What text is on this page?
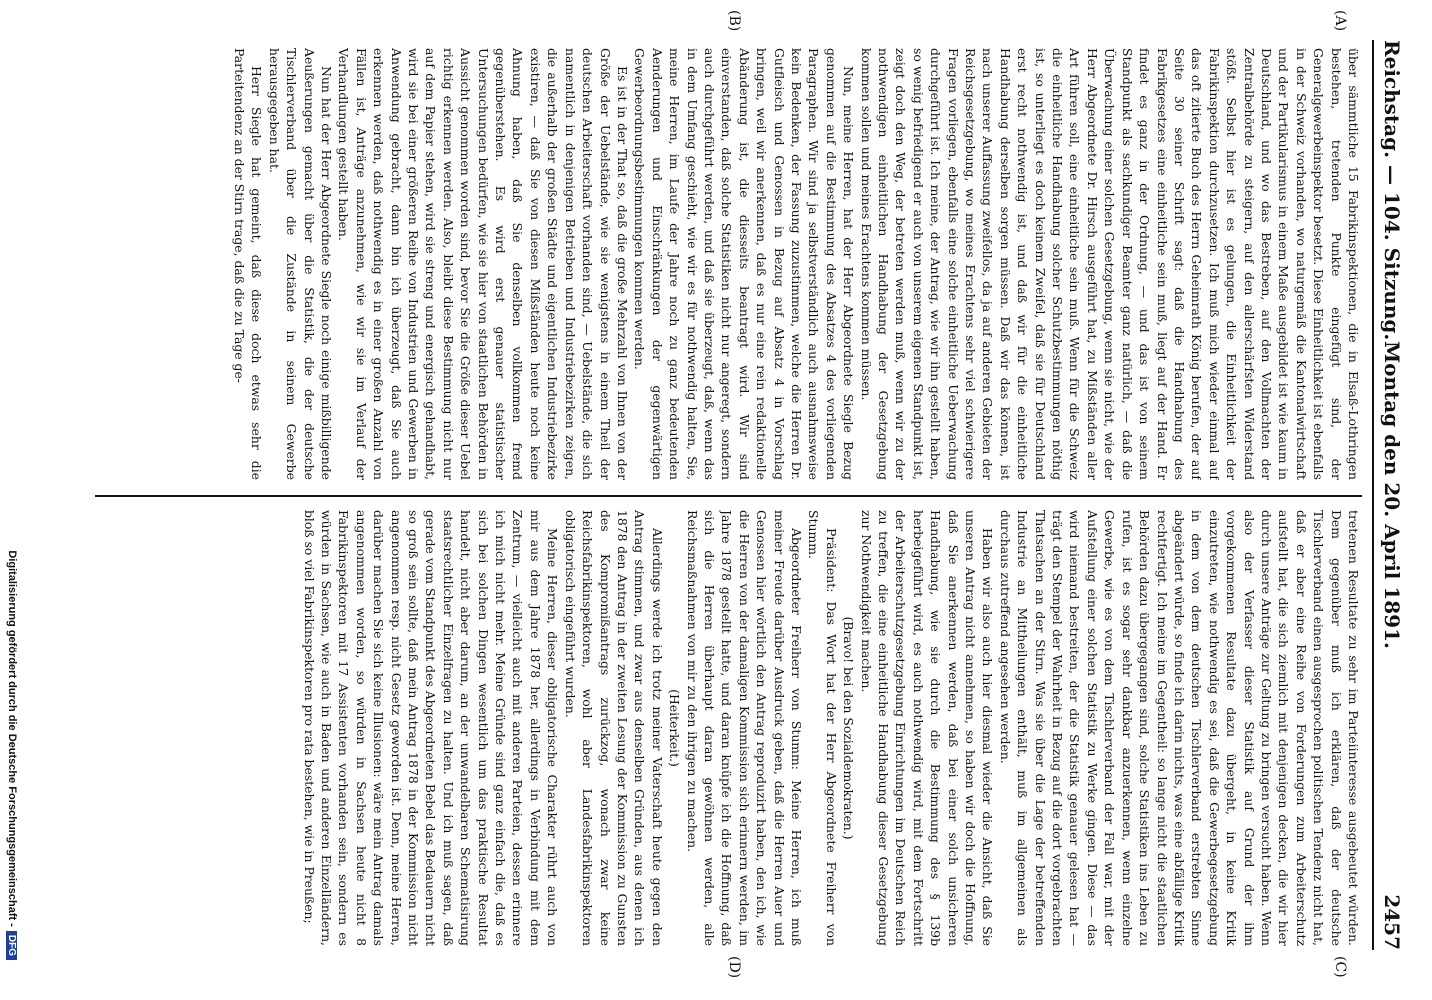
Reichstag. — 104. Sitzung.
Montag den 20. April 1891.
2457
(A)
(B)
(C)
(D)

über sämmtliche 15 Fabrikinspektionen, die in Elsaß-Lothringen bestehen, tretenden Punkte eingefügt sind, der Generalgewerbeinspektor besetzt. Diese Einheitlichkeit ist ebenfalls in der Schweiz vorhanden, wo naturgemäß die Kantonalwirtschaft und der Partikularismus in einem Maße ausgebildet ist wie kaum in Deutschland, und wo das Bestreben, auf den Vollmachten der Zentralbehörde zu steigern, auf den allerschärfsten Widerstand stößt. Selbst hier ist es gelungen, die Einheitlichkeit der Fabrikinspektion durchzusetzen. Ich muß mich wieder einmal auf das oft zitierte Buch des Herrn Geheimrath König berufen, der auf Seite 30 seiner Schrift sagt: daß die Handhabung des Fabrikgesetzes eine einheitliche sein muß, liegt auf der Hand. Er findet es ganz in der Ordnung, — und das ist von seinem Standpunkt als sachkundiger Beamter ganz natürlich, — daß die Überwachung einer solchen Gesetzgebung, wenn sie nicht, wie der Herr Abgeordnete Dr. Hirsch ausgeführt hat, zu Mißständen aller Art führen soll, eine einheitliche sein muß. Wenn für die Schweiz die einheitliche Handhabung solcher Schutzbestimmungen nöthig ist, so unterliegt es doch keinem Zweifel, daß sie für Deutschland erst recht nothwendig ist, und daß wir für die einheitliche Handhabung derselben sorgen müssen. Daß wir das können, ist nach unserer Auffassung zweifellos, da ja auf anderen Gebieten der Reichsgesetzgebung, wo meines Erachtens sehr viel schwierigere Fragen vorliegen, ebenfalls eine solche einheitliche Ueberwachung durchgeführt ist. Ich meine, der Antrag, wie wir ihn gestellt haben, so wenig befriedigend er auch von unserem eigenen Standpunkt ist, zeigt doch den Weg, der betreten werden muß, wenn wir zu der nothwendigen einheitlichen Handhabung der Gesetzgebung kommen sollen und meines Erachtens kommen müssen.

Nun, meine Herren, hat der Herr Abgeordnete Siegle Bezug genommen auf die Bestimmung des Absatzes 4 des vorliegenden Paragraphen. Wir sind ja selbstverständlich auch ausnahmsweise kein Bedenken, der Fassung zuzustimmen, welche die Herren Dr. Gutfleisch und Genossen in Bezug auf Absatz 4 in Vorschlag bringen, weil wir anerkennen, daß es nur eine rein redaktionelle Abänderung ist, die diesseits beantragt wird. Wir sind einverstanden, daß solche Statistiken nicht nur angeregt, sondern auch durchgeführt werden, und daß sie überzeugt, daß, wenn das in dem Umfang geschieht, wie wir es für nothwendig halten, Sie, meine Herren, im Laufe der Jahre noch zu ganz bedeutenden Aenderungen und Einschränkungen der gegenwärtigen Gewerbeordnungsbestimmungen kommen werden.

Es ist in der That so, daß die große Mehrzahl von Ihnen von der Größe der Uebelstände, wie sie wenigstens in einem Theil der deutschen Arbeiterschaft vorhanden sind, — Uebelstände, die sich namentlich in denjenigen Betrieben und Industriebezirken zeigen, die außerhalb der großen Städte und eigentlichen Industriebezirke existiren, — daß Sie von diesen Mißständen heute noch keine Ahnung haben, daß Sie denselben vollkommen fremd gegenüberstehen. Es wird erst genauer statistischer Untersuchungen bedürfen, wie sie hier von staatlichen Behörden in Aussicht genommen worden sind, bevor Sie die Größe dieser Uebel richtig erkennen werden. Also, bleibt diese Bestimmung nicht nur auf dem Papier stehen, wird sie streng und energisch gehandhabt, wird sie bei einer größeren Reihe von Industrien und Gewerben in Anwendung gebracht, dann bin ich überzeugt, daß Sie auch erkennen werden, daß nothwendig es in einer großen Anzahl von Fällen ist, Anträge anzunehmen, wie wir sie im Verlauf der Verhandlungen gestellt haben.

Nun hat der Herr Abgeordnete Siegle noch einige mißbilligende Aeußerungen gemacht über die Statistik, die der deutsche Tischlerverband über die Zustände in seinem Gewerbe herausgegeben hat.

Herr Siegle hat gemeint, daß diese doch etwas sehr die Parteitendenz an der Stirn trage, daß die zu Tage ge-

tretenen Resultate zu sehr im Parteiinteresse ausgebeutet würden. Dem gegenüber muß ich erklären, daß der deutsche Tischlerverband einen ausgesprochen politischen Tendenz nicht hat, daß er aber eine Reihe von Forderungen zum Arbeiterschutz aufstellt hat, die sich ziemlich mit denjenigen decken, die wir hier durch unsere Anträge zur Geltung zu bringen versucht haben. Wenn also der Verfasser dieser Statistik auf Grund der ihm vorgekommenen Resultate dazu übergeht, in keine Kritik einzutreten, wie nothwendig es sei, daß die Gewerbegesetzgebung in dem von dem deutschen Tischlerverband erstrebten Sinne abgeändert würde, so finde ich darin nichts, was eine abfällige Kritik rechtfertigt. Ich meine im Gegentheil: so lange nicht die staatlichen Behörden dazu übergegangen sind, solche Statistiken ins Leben zu rufen, ist es sogar sehr dankbar anzuerkennen, wenn einzelne Gewerbe, wie es von dem Tischlerverband der Fall war, mit der Aufstellung einer solchen Statistik zu Werke gingen. Diese — das wird niemand bestreiten, der die Statistik genauer gelesen hat — trägt den Stempel der Wahrheit in Bezug auf die dort vorgebrachten Thatsachen an der Stirn. Was sie über die Lage der betreffenden Industrie an Mittheilungen enthält, muß im allgemeinen als durchaus zutreffend angesehen werden.

Haben wir also auch hier diesmal wieder die Ansicht, daß Sie unseren Antrag nicht annehmen, so haben wir doch die Hoffnung, daß Sie anerkennen werden, daß bei einer solch unsicheren Handhabung, wie sie durch die Bestimmung des § 139b herbeigeführt wird, es auch nothwendig wird, mit dem Fortschritt der Arbeiterschutzgesetzgebung Einrichtungen im Deutschen Reich zu treffen, die eine einheitliche Handhabung dieser Gesetzgebung zur Nothwendigkeit machen.

(Bravo! bei den Sozialdemokraten.)

Präsident: Das Wort hat der Herr Abgeordnete Freiherr von Stumm.

Abgeordneter Freiherr von Stumm: Meine Herren, ich muß meiner Freude darüber Ausdruck geben, daß die Herren Auer und Genossen hier wörtlich den Antrag reproduzirt haben, den ich, wie die Herren von der damaligen Kommission sich erinnern werden, im Jahre 1878 gestellt hatte, und daran knüpfe ich die Hoffnung, daß sich die Herren überhaupt daran gewöhnen werden, alle Reichsmaßnahmen von mir zu den ihrigen zu machen.

(Heiterkeit.)

Allerdings werde ich trotz meiner Vaterschaft heute gegen den Antrag stimmen, und zwar aus denselben Gründen, aus denen ich 1878 den Antrag in der zweiten Lesung der Kommission zu Gunsten des Kompromißantrags zurückzog, wonach zwar keine Reichsfabrikinspektoren, wohl aber Landesfabrikinspektoren obligatorisch eingeführt wurden.

Meine Herren, dieser obligatorische Charakter rührt auch von mir aus dem Jahre 1878 her, allerdings in Verbindung mit dem Zentrum, — vielleicht auch mit anderen Parteien, dessen erinnere ich mich nicht mehr. Meine Gründe sind ganz einfach die, daß es sich bei solchen Dingen wesentlich um das praktische Resultat handelt, nicht aber darum, an der unwandelbaren Schematisirung staatsrechtlicher Einzelfragen zu halten. Und ich muß sagen, daß gerade vom Standpunkt des Abgeordneten Bebel das Bedauern nicht so groß sein sollte, daß mein Antrag 1878 in der Kommission nicht angenommen resp. nicht Gesetz geworden ist. Denn, meine Herren, darüber machen Sie sich keine Illusionen: wäre mein Antrag damals angenommen worden, so würden in Sachsen heute nicht 8 Fabrikinspektoren mit 17 Assistenten vorhanden sein, sondern es würden in Sachsen, wie auch in Baden und anderen Einzelländern, bloß so viel Fabrikinspektoren pro rata bestehen, wie in Preußen;

Digitalisierung gefördert durch die Deutsche Forschungsgemeinschaft -DFG
